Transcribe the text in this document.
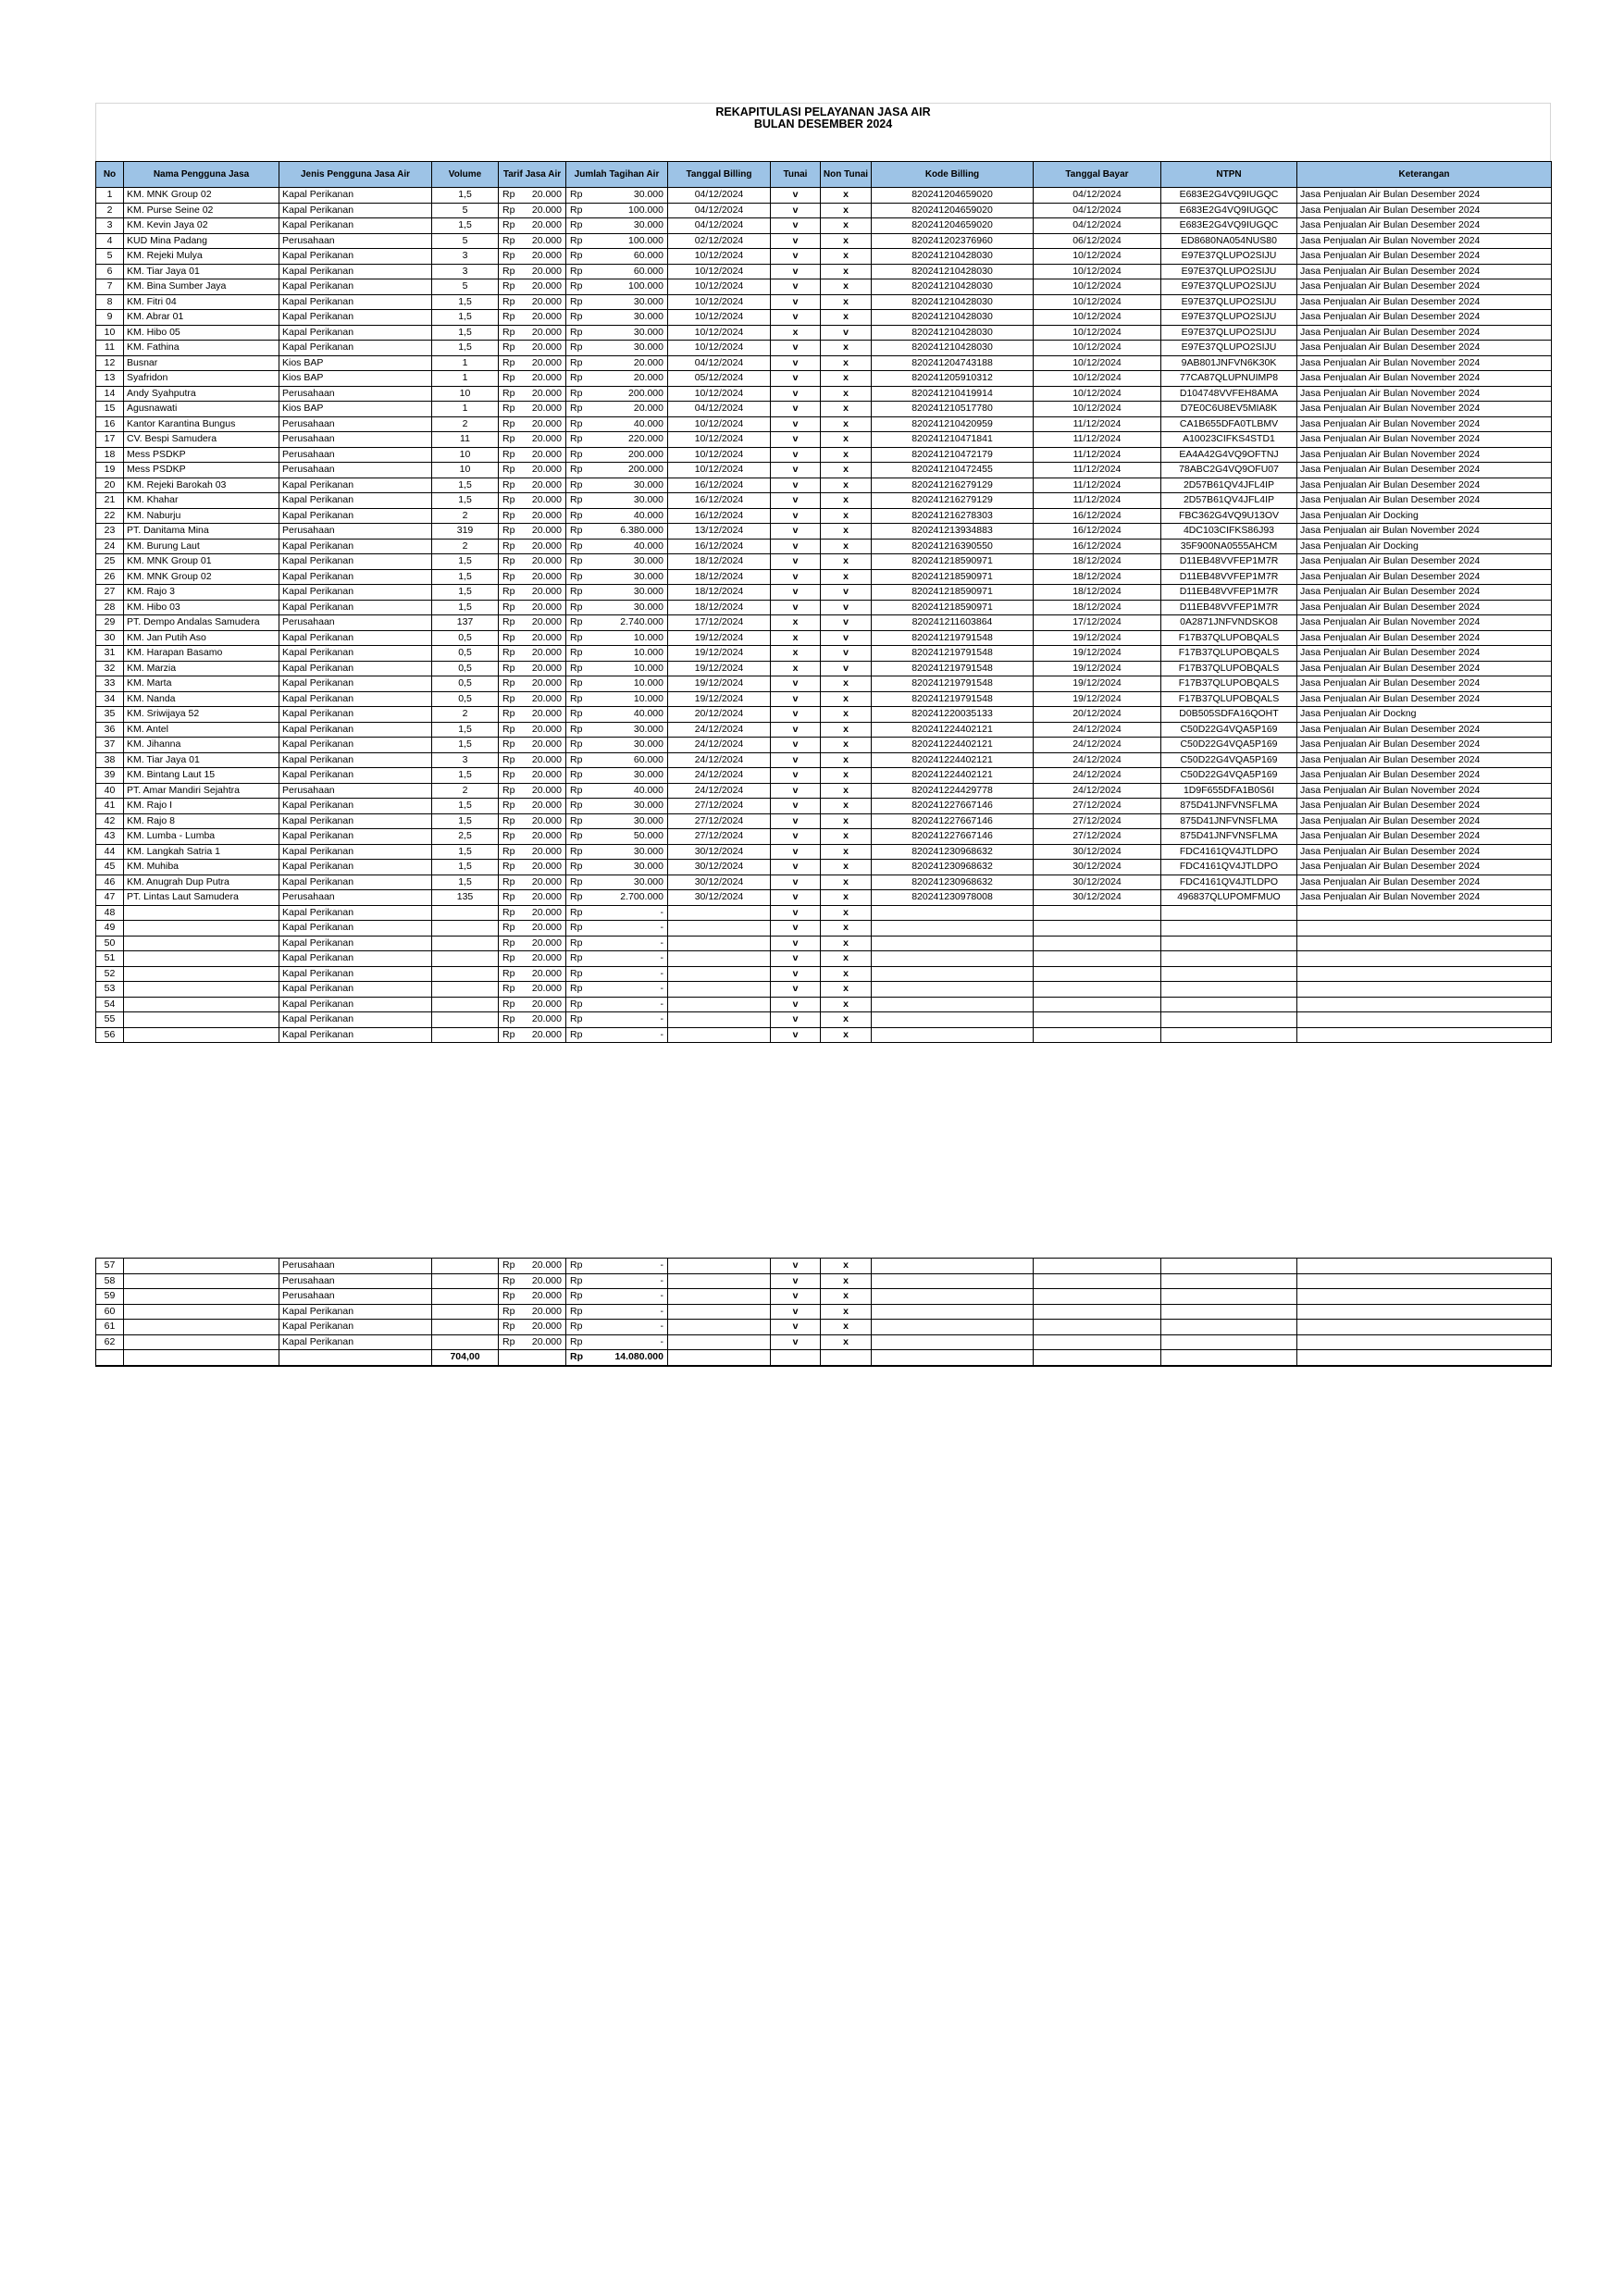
REKAPITULASI PELAYANAN JASA AIR
BULAN DESEMBER 2024
No	Nama Pengguna Jasa	Jenis Pengguna Jasa Air	Volume	Tarif Jasa Air	Jumlah Tagihan Air	Tanggal Billing	Tunai	Non Tunai	Kode Billing	Tanggal Bayar	NTPN	Keterangan
1	KM. MNK Group 02	Kapal Perikanan	1,5	Rp 20.000	Rp 30.000	04/12/2024	v	x	820241204659020	04/12/2024	E683E2G4VQ9IUGQC	Jasa Penjualan Air Bulan Desember 2024
2	KM. Purse Seine 02	Kapal Perikanan	5	Rp 20.000	Rp 100.000	04/12/2024	v	x	820241204659020	04/12/2024	E683E2G4VQ9IUGQC	Jasa Penjualan Air Bulan Desember 2024
3	KM. Kevin Jaya 02	Kapal Perikanan	1,5	Rp 20.000	Rp 30.000	04/12/2024	v	x	820241204659020	04/12/2024	E683E2G4VQ9IUGQC	Jasa Penjualan Air Bulan Desember 2024
4	KUD Mina Padang	Perusahaan	5	Rp 20.000	Rp 100.000	02/12/2024	v	x	820241202376960	06/12/2024	ED8680NA054NUS80	Jasa Penjualan Air Bulan November 2024
5	KM. Rejeki Mulya	Kapal Perikanan	3	Rp 20.000	Rp 60.000	10/12/2024	v	x	820241210428030	10/12/2024	E97E37QLUPO2SIJU	Jasa Penjualan Air Bulan Desember 2024
6	KM. Tiar Jaya 01	Kapal Perikanan	3	Rp 20.000	Rp 60.000	10/12/2024	v	x	820241210428030	10/12/2024	E97E37QLUPO2SIJU	Jasa Penjualan Air Bulan Desember 2024
7	KM. Bina Sumber Jaya	Kapal Perikanan	5	Rp 20.000	Rp 100.000	10/12/2024	v	x	820241210428030	10/12/2024	E97E37QLUPO2SIJU	Jasa Penjualan Air Bulan Desember 2024
8	KM. Fitri 04	Kapal Perikanan	1,5	Rp 20.000	Rp 30.000	10/12/2024	v	x	820241210428030	10/12/2024	E97E37QLUPO2SIJU	Jasa Penjualan Air Bulan Desember 2024
9	KM. Abrar 01	Kapal Perikanan	1,5	Rp 20.000	Rp 30.000	10/12/2024	v	x	820241210428030	10/12/2024	E97E37QLUPO2SIJU	Jasa Penjualan Air Bulan Desember 2024
10	KM. Hibo 05	Kapal Perikanan	1,5	Rp 20.000	Rp 30.000	10/12/2024	x	v	820241210428030	10/12/2024	E97E37QLUPO2SIJU	Jasa Penjualan Air Bulan Desember 2024
11	KM. Fathina	Kapal Perikanan	1,5	Rp 20.000	Rp 30.000	10/12/2024	v	x	820241210428030	10/12/2024	E97E37QLUPO2SIJU	Jasa Penjualan Air Bulan Desember 2024
12	Busnar	Kios BAP	1	Rp 20.000	Rp 20.000	04/12/2024	v	x	820241204743188	10/12/2024	9AB801JNFVN6K30K	Jasa Penjualan Air Bulan November 2024
13	Syafridon	Kios BAP	1	Rp 20.000	Rp 20.000	05/12/2024	v	x	820241205910312	10/12/2024	77CA87QLUPNUIMP8	Jasa Penjualan Air Bulan November 2024
14	Andy Syahputra	Perusahaan	10	Rp 20.000	Rp 200.000	10/12/2024	v	x	820241210419914	10/12/2024	D104748VVFEH8AMA	Jasa Penjualan Air Bulan November 2024
15	Agusnawati	Kios BAP	1	Rp 20.000	Rp 20.000	04/12/2024	v	x	820241210517780	10/12/2024	D7E0C6U8EV5MIA8K	Jasa Penjualan Air Bulan November 2024
16	Kantor Karantina Bungus	Perusahaan	2	Rp 20.000	Rp 40.000	10/12/2024	v	x	820241210420959	11/12/2024	CA1B655DFA0TLBMV	Jasa Penjualan Air Bulan November 2024
17	CV. Bespi Samudera	Perusahaan	11	Rp 20.000	Rp 220.000	10/12/2024	v	x	820241210471841	11/12/2024	A10023CIFKS4STD1	Jasa Penjualan Air Bulan November 2024
18	Mess PSDKP	Perusahaan	10	Rp 20.000	Rp 200.000	10/12/2024	v	x	820241210472179	11/12/2024	EA4A42G4VQ9OFTNJ	Jasa Penjualan Air Bulan November 2024
19	Mess PSDKP	Perusahaan	10	Rp 20.000	Rp 200.000	10/12/2024	v	x	820241210472455	11/12/2024	78ABC2G4VQ9OFU07	Jasa Penjualan Air Bulan Desember 2024
20	KM. Rejeki Barokah 03	Kapal Perikanan	1,5	Rp 20.000	Rp 30.000	16/12/2024	v	x	820241216279129	11/12/2024	2D57B61QV4JFL4IP	Jasa Penjualan Air Bulan Desember 2024
21	KM. Khahar	Kapal Perikanan	1,5	Rp 20.000	Rp 30.000	16/12/2024	v	x	820241216279129	11/12/2024	2D57B61QV4JFL4IP	Jasa Penjualan Air Bulan Desember 2024
22	KM. Naburju	Kapal Perikanan	2	Rp 20.000	Rp 40.000	16/12/2024	v	x	820241216278303	16/12/2024	FBC362G4VQ9U13OV	Jasa Penjualan Air Docking
23	PT. Danitama Mina	Perusahaan	319	Rp 20.000	Rp 6.380.000	13/12/2024	v	x	820241213934883	16/12/2024	4DC103CIFKS86J93	Jasa Penjualan air Bulan November 2024
24	KM. Burung Laut	Kapal Perikanan	2	Rp 20.000	Rp 40.000	16/12/2024	v	x	820241216390550	16/12/2024	35F900NA0555AHCM	Jasa Penjualan Air Docking
25	KM. MNK Group 01	Kapal Perikanan	1,5	Rp 20.000	Rp 30.000	18/12/2024	v	x	820241218590971	18/12/2024	D11EB48VVFEP1M7R	Jasa Penjualan Air Bulan Desember 2024
26	KM. MNK Group 02	Kapal Perikanan	1,5	Rp 20.000	Rp 30.000	18/12/2024	v	x	820241218590971	18/12/2024	D11EB48VVFEP1M7R	Jasa Penjualan Air Bulan Desember 2024
27	KM. Rajo 3	Kapal Perikanan	1,5	Rp 20.000	Rp 30.000	18/12/2024	v	v	820241218590971	18/12/2024	D11EB48VVFEP1M7R	Jasa Penjualan Air Bulan Desember 2024
28	KM. Hibo 03	Kapal Perikanan	1,5	Rp 20.000	Rp 30.000	18/12/2024	v	v	820241218590971	18/12/2024	D11EB48VVFEP1M7R	Jasa Penjualan Air Bulan Desember 2024
29	PT. Dempo Andalas Samudera	Perusahaan	137	Rp 20.000	Rp 2.740.000	17/12/2024	x	v	820241211603864	17/12/2024	0A2871JNFVNDSKO8	Jasa Penjualan Air Bulan November 2024
30	KM. Jan Putih Aso	Kapal Perikanan	0,5	Rp 20.000	Rp 10.000	19/12/2024	x	v	820241219791548	19/12/2024	F17B37QLUPOBQALS	Jasa Penjualan Air Bulan Desember 2024
31	KM. Harapan Basamo	Kapal Perikanan	0,5	Rp 20.000	Rp 10.000	19/12/2024	x	v	820241219791548	19/12/2024	F17B37QLUPOBQALS	Jasa Penjualan Air Bulan Desember 2024
32	KM. Marzia	Kapal Perikanan	0,5	Rp 20.000	Rp 10.000	19/12/2024	x	v	820241219791548	19/12/2024	F17B37QLUPOBQALS	Jasa Penjualan Air Bulan Desember 2024
33	KM. Marta	Kapal Perikanan	0,5	Rp 20.000	Rp 10.000	19/12/2024	v	x	820241219791548	19/12/2024	F17B37QLUPOBQALS	Jasa Penjualan Air Bulan Desember 2024
34	KM. Nanda	Kapal Perikanan	0,5	Rp 20.000	Rp 10.000	19/12/2024	v	x	820241219791548	19/12/2024	F17B37QLUPOBQALS	Jasa Penjualan Air Bulan Desember 2024
35	KM. Sriwijaya 52	Kapal Perikanan	2	Rp 20.000	Rp 40.000	20/12/2024	v	x	820241220035133	20/12/2024	D0B505SDFA16QOHT	Jasa Penjualan Air Dockng
36	KM. Antel	Kapal Perikanan	1,5	Rp 20.000	Rp 30.000	24/12/2024	v	x	820241224402121	24/12/2024	C50D22G4VQA5P169	Jasa Penjualan Air Bulan Desember 2024
37	KM. Jihanna	Kapal Perikanan	1,5	Rp 20.000	Rp 30.000	24/12/2024	v	x	820241224402121	24/12/2024	C50D22G4VQA5P169	Jasa Penjualan Air Bulan Desember 2024
38	KM. Tiar Jaya 01	Kapal Perikanan	3	Rp 20.000	Rp 60.000	24/12/2024	v	x	820241224402121	24/12/2024	C50D22G4VQA5P169	Jasa Penjualan Air Bulan Desember 2024
39	KM. Bintang Laut 15	Kapal Perikanan	1,5	Rp 20.000	Rp 30.000	24/12/2024	v	x	820241224402121	24/12/2024	C50D22G4VQA5P169	Jasa Penjualan Air Bulan Desember 2024
40	PT. Amar Mandiri Sejahtra	Perusahaan	2	Rp 20.000	Rp 40.000	24/12/2024	v	x	820241224429778	24/12/2024	1D9F655DFA1B0S6I	Jasa Penjualan Air Bulan November 2024
41	KM. Rajo I	Kapal Perikanan	1,5	Rp 20.000	Rp 30.000	27/12/2024	v	x	820241227667146	27/12/2024	875D41JNFVNSFLMA	Jasa Penjualan Air Bulan Desember 2024
42	KM. Rajo 8	Kapal Perikanan	1,5	Rp 20.000	Rp 30.000	27/12/2024	v	x	820241227667146	27/12/2024	875D41JNFVNSFLMA	Jasa Penjualan Air Bulan Desember 2024
43	KM. Lumba - Lumba	Kapal Perikanan	2,5	Rp 20.000	Rp 50.000	27/12/2024	v	x	820241227667146	27/12/2024	875D41JNFVNSFLMA	Jasa Penjualan Air Bulan Desember 2024
44	KM. Langkah Satria 1	Kapal Perikanan	1,5	Rp 20.000	Rp 30.000	30/12/2024	v	x	820241230968632	30/12/2024	FDC4161QV4JTLDPO	Jasa Penjualan Air Bulan Desember 2024
45	KM. Muhiba	Kapal Perikanan	1,5	Rp 20.000	Rp 30.000	30/12/2024	v	x	820241230968632	30/12/2024	FDC4161QV4JTLDPO	Jasa Penjualan Air Bulan Desember 2024
46	KM. Anugrah Dup Putra	Kapal Perikanan	1,5	Rp 20.000	Rp 30.000	30/12/2024	v	x	820241230968632	30/12/2024	FDC4161QV4JTLDPO	Jasa Penjualan Air Bulan Desember 2024
47	PT. Lintas Laut Samudera	Perusahaan	135	Rp 20.000	Rp 2.700.000	30/12/2024	v	x	820241230978008	30/12/2024	496837QLUPOMFMUO	Jasa Penjualan Air Bulan November 2024
48		Kapal Perikanan		Rp 20.000	Rp -		v	x				
49		Kapal Perikanan		Rp 20.000	Rp -		v	x				
50		Kapal Perikanan		Rp 20.000	Rp -		v	x				
51		Kapal Perikanan		Rp 20.000	Rp -		v	x				
52		Kapal Perikanan		Rp 20.000	Rp -		v	x				
53		Kapal Perikanan		Rp 20.000	Rp -		v	x				
54		Kapal Perikanan		Rp 20.000	Rp -		v	x				
55		Kapal Perikanan		Rp 20.000	Rp -		v	x				
56		Kapal Perikanan		Rp 20.000	Rp -		v	x				
57		Perusahaan		Rp 20.000	Rp -		v	x				
58		Perusahaan		Rp 20.000	Rp -		v	x				
59		Perusahaan		Rp 20.000	Rp -		v	x				
60		Kapal Perikanan		Rp 20.000	Rp -		v	x				
61		Kapal Perikanan		Rp 20.000	Rp -		v	x				
62		Kapal Perikanan		Rp 20.000	Rp -		v	x				
			704,00		Rp 14.080.000							
